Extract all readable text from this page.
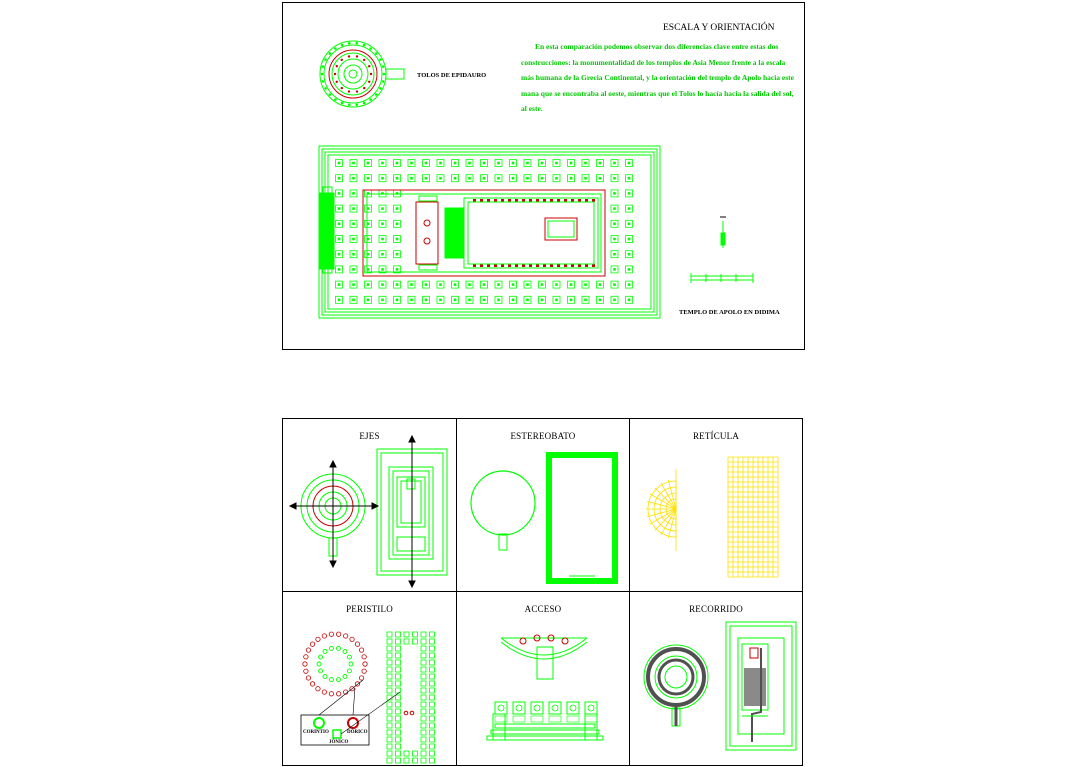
ESCALA Y ORIENTACIÓN
En esta comparación podemos observar dos diferencias clave entre estas dos construcciones: la monumentalidad de los templos de Asia Menor frente a la escala más humana de la Grecia Continental, y la orientación del templo de Apolo hacia este mana que se encontraba al oeste, mientras que el Tolos lo hacía hacia la salida del sol, al este.
TOLOS DE EPIDAURO
TEMPLO DE APOLO EN DIDIMA
EJES	ESTEREOBATO	RETÍCULA
PERISTILO
CORINTIO	DÓRICO
JÓNICO
ACCESO	RECORRIDO
